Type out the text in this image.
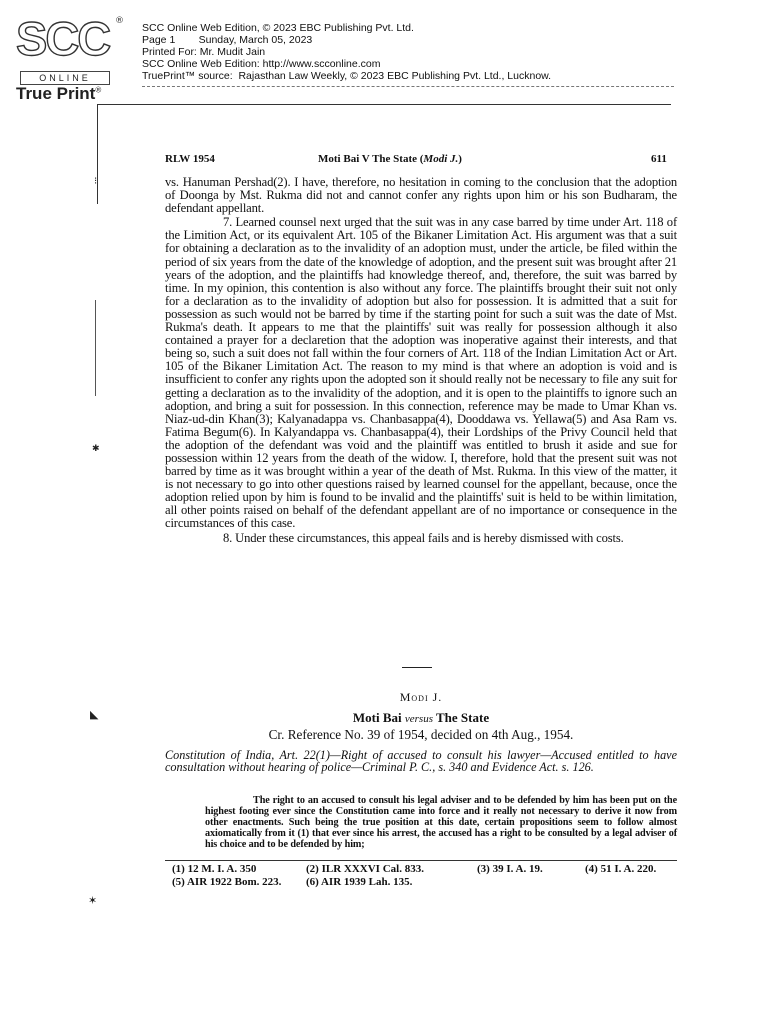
SCC ®
ONLINE
True Print®
SCC Online Web Edition, © 2023 EBC Publishing Pvt. Ltd.
Page 1        Sunday, March 05, 2023
Printed For: Mr. Mudit Jain
SCC Online Web Edition: http://www.scconline.com
TruePrint™ source:  Rajasthan Law Weekly, © 2023 EBC Publishing Pvt. Ltd., Lucknow.
⁝
✱
◣
✶
RLW 1954	Moti Bai V The State (Modi J.)	611

vs. Hanuman Pershad(2). I have, therefore, no hesitation in coming to the conclusion that the adoption of Doonga by Mst. Rukma did not and cannot confer any rights upon him or his son Budharam, the defendant appellant.

7. Learned counsel next urged that the suit was in any case barred by time under Art. 118 of the Limition Act, or its equivalent Art. 105 of the Bikaner Limitation Act. His argument was that a suit for obtaining a declaration as to the invalidity of an adoption must, under the article, be filed within the period of six years from the date of the knowledge of adoption, and the present suit was brought after 21 years of the adoption, and the plaintiffs had knowledge thereof, and, therefore, the suit was barred by time. In my opinion, this contention is also without any force. The plaintiffs brought their suit not only for a declaration as to the invalidity of adoption but also for possession. It is admitted that a suit for possession as such would not be barred by time if the starting point for such a suit was the date of Mst. Rukma's death. It appears to me that the plaintiffs' suit was really for possession although it also contained a prayer for a declaretion that the adoption was inoperative against their interests, and that being so, such a suit does not fall within the four corners of Art. 118 of the Indian Limitation Act or Art. 105 of the Bikaner Limitation Act. The reason to my mind is that where an adoption is void and is insufficient to confer any rights upon the adopted son it should really not be necessary to file any suit for getting a declaration as to the invalidity of the adoption, and it is open to the plaintiffs to ignore such an adoption, and bring a suit for possession. In this connection, reference may be made to Umar Khan vs. Niaz-ud-din Khan(3); Kalyanadappa vs. Chanbasappa(4), Dooddawa vs. Yellawa(5) and Asa Ram vs. Fatima Begum(6). In Kalyandappa vs. Chanbasappa(4), their Lordships of the Privy Council held that the adoption of the defendant was void and the plaintiff was entitled to brush it aside and sue for possession within 12 years from the death of the widow. I, therefore, hold that the present suit was not barred by time as it was brought within a year of the death of Mst. Rukma. In this view of the matter, it is not necessary to go into other questions raised by learned counsel for the appellant, because, once the adoption relied upon by him is found to be invalid and the plaintiffs' suit is held to be within limitation, all other points raised on behalf of the defendant appellant are of no importance or consequence in the circumstances of this case.

8. Under these circumstances, this appeal fails and is hereby dismissed with costs.

Modi J.
Moti Bai versus The State
Cr. Reference No. 39 of 1954, decided on 4th Aug., 1954.
Constitution of India, Art. 22(1)—Right of accused to consult his lawyer—Accused entitled to have consultation without hearing of police—Criminal P. C., s. 340 and Evidence Act. s. 126.

The right to an accused to consult his legal adviser and to be defended by him has been put on the highest footing ever since the Constitution came into force and it really not necessary to derive it now from other enactments. Such being the true position at this date, certain propositions seem to follow almost axiomatically from it (1) that ever since his arrest, the accused has a right to be consulted by a legal adviser of his choice and to be defended by him;

(1) 12 M. I. A. 350	(2) ILR XXXVI Cal. 833.	(3) 39 I. A. 19.	(4) 51 I. A. 220.
(5) AIR 1922 Bom. 223. (6) AIR 1939 Lah. 135.
